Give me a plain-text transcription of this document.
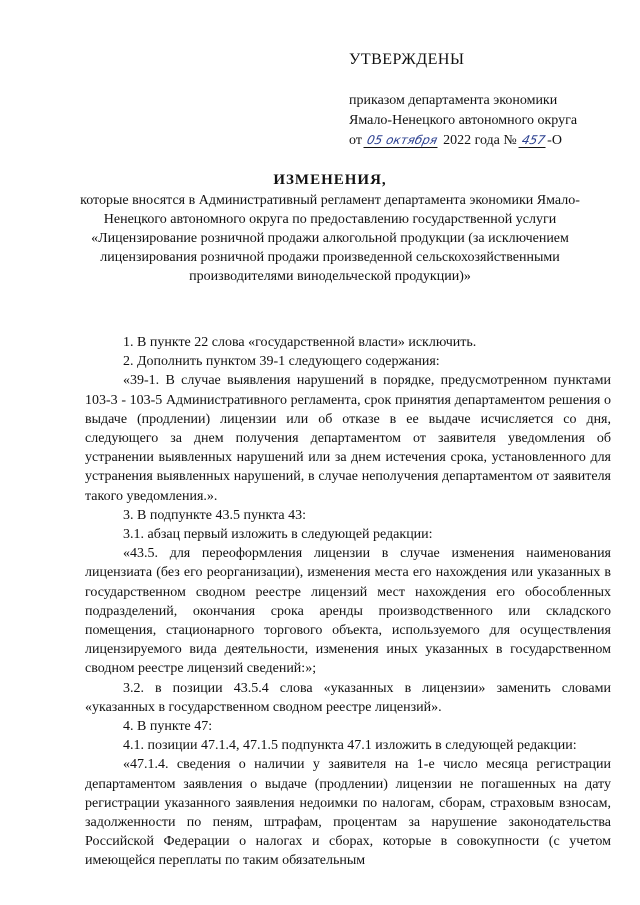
УТВЕРЖДЕНЫ
приказом департамента экономики
Ямало-Ненецкого автономного округа
от 05 октября 2022 года № 457-О
ИЗМЕНЕНИЯ,
которые вносятся в Административный регламент департамента экономики Ямало-Ненецкого автономного округа по предоставлению государственной услуги «Лицензирование розничной продажи алкогольной продукции (за исключением лицензирования розничной продажи произведенной сельскохозяйственными производителями винодельческой продукции)»

1. В пункте 22 слова «государственной власти» исключить.

2. Дополнить пунктом 39-1 следующего содержания:

«39-1. В случае выявления нарушений в порядке, предусмотренном пунктами 103-3 - 103-5 Административного регламента, срок принятия департаментом решения о выдаче (продлении) лицензии или об отказе в ее выдаче исчисляется со дня, следующего за днем получения департаментом от заявителя уведомления об устранении выявленных нарушений или за днем истечения срока, установленного для устранения выявленных нарушений, в случае неполучения департаментом от заявителя такого уведомления.».

3. В подпункте 43.5 пункта 43:

3.1. абзац первый изложить в следующей редакции:

«43.5. для переоформления лицензии в случае изменения наименования лицензиата (без его реорганизации), изменения места его нахождения или указанных в государственном сводном реестре лицензий мест нахождения его обособленных подразделений, окончания срока аренды производственного или складского помещения, стационарного торгового объекта, используемого для осуществления лицензируемого вида деятельности, изменения иных указанных в государственном сводном реестре лицензий сведений:»;

3.2. в позиции 43.5.4 слова «указанных в лицензии» заменить словами «указанных в государственном сводном реестре лицензий».

4. В пункте 47:

4.1. позиции 47.1.4, 47.1.5 подпункта 47.1 изложить в следующей редакции:

«47.1.4. сведения о наличии у заявителя на 1-е число месяца регистрации департаментом заявления о выдаче (продлении) лицензии не погашенных на дату регистрации указанного заявления недоимки по налогам, сборам, страховым взносам, задолженности по пеням, штрафам, процентам за нарушение законодательства Российской Федерации о налогах и сборах, которые в совокупности (с учетом имеющейся переплаты по таким обязательным
